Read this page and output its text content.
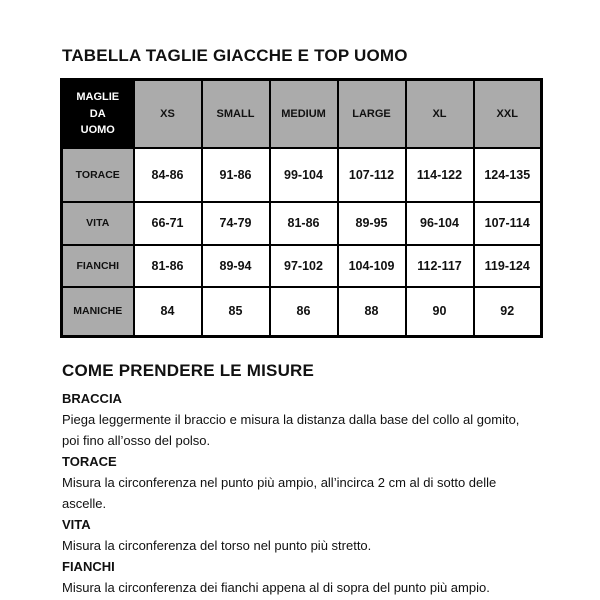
TABELLA TAGLIE GIACCHE E TOP UOMO
MAGLIE DA UOMO	XS	SMALL	MEDIUM	LARGE	XL	XXL
TORACE	84-86	91-86	99-104	107-112	114-122	124-135
VITA	66-71	74-79	81-86	89-95	96-104	107-114
FIANCHI	81-86	89-94	97-102	104-109	112-117	119-124
MANICHE	84	85	86	88	90	92
COME PRENDERE LE MISURE
BRACCIA
Piega leggermente il braccio e misura la distanza dalla base del collo al gomito,
poi fino all’osso del polso.
TORACE
Misura la circonferenza nel punto più ampio, all’incirca 2 cm al di sotto delle
ascelle.
VITA
Misura la circonferenza del torso nel punto più stretto.
FIANCHI
Misura la circonferenza dei fianchi appena al di sopra del punto più ampio.
